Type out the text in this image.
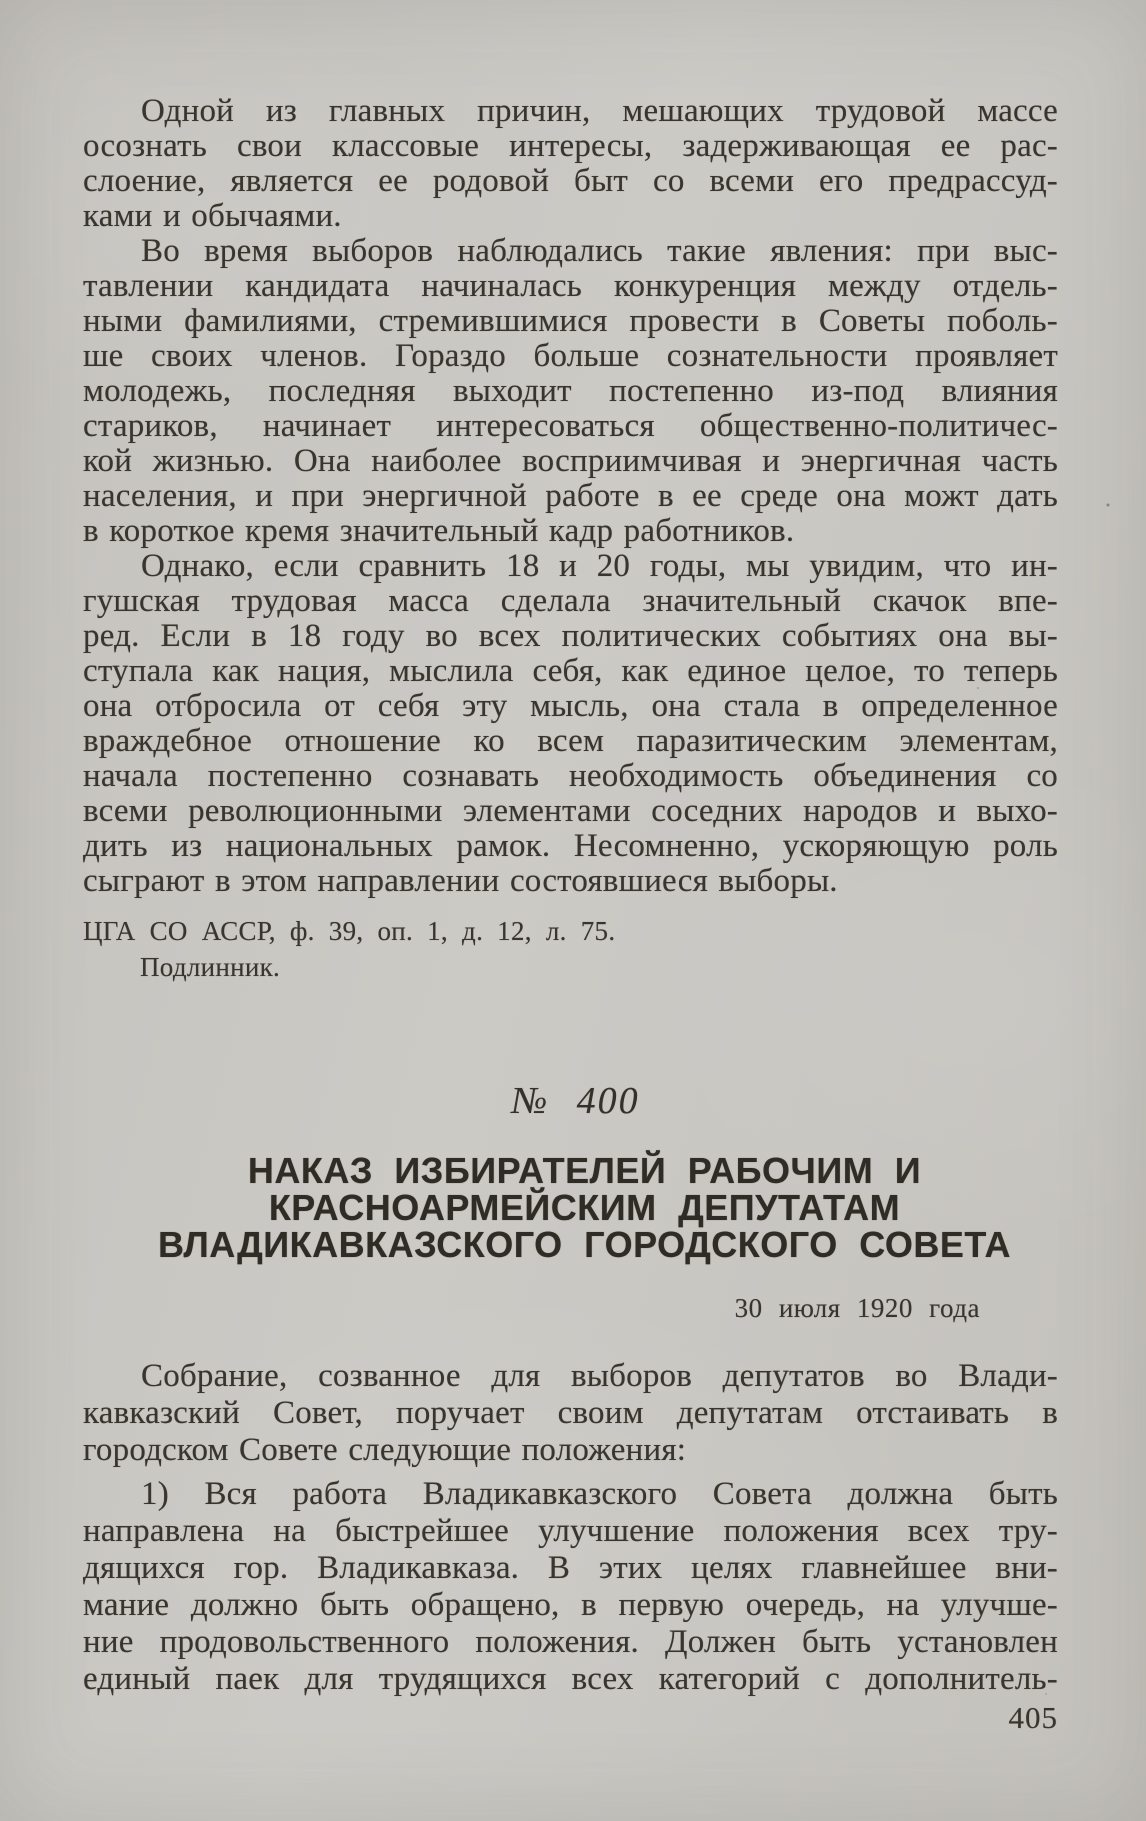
Одной из главных причин, мешающих трудовой массе
осознать свои классовые интересы, задерживающая ее рас-
слоение, является ее родовой быт со всеми его предрассуд-
ками и обычаями.
Во время выборов наблюдались такие явления: при выс-
тавлении кандидата начиналась конкуренция между отдель-
ными фамилиями, стремившимися провести в Советы поболь-
ше своих членов. Гораздо больше сознательности проявляет
молодежь, последняя выходит постепенно из-под влияния
стариков, начинает интересоваться общественно-политичес-
кой жизнью. Она наиболее восприимчивая и энергичная часть
населения, и при энергичной работе в ее среде она можт дать
в короткое кремя значительный кадр работников.
Однако, если сравнить 18 и 20 годы, мы увидим, что ин-
гушская трудовая масса сделала значительный скачок впе-
ред. Если в 18 году во всех политических событиях она вы-
ступала как нация, мыслила себя, как единое целое, то теперь
она отбросила от себя эту мысль, она стала в определенное
враждебное отношение ко всем паразитическим элементам,
начала постепенно сознавать необходимость объединения со
всеми революционными элементами соседних народов и выхо-
дить из национальных рамок. Несомненно, ускоряющую роль
сыграют в этом направлении состоявшиеся выборы.
ЦГА СО АССР, ф. 39, оп. 1, д. 12, л. 75.
Подлинник.
№ 400
НАКАЗ ИЗБИРАТЕЛЕЙ РАБОЧИМ И
КРАСНОАРМЕЙСКИМ ДЕПУТАТАМ
ВЛАДИКАВКАЗСКОГО ГОРОДСКОГО СОВЕТА
30 июля 1920 года
Собрание, созванное для выборов депутатов во Влади-
кавказский Совет, поручает своим депутатам отстаивать в
городском Совете следующие положения:
1) Вся работа Владикавказского Совета должна быть
направлена на быстрейшее улучшение положения всех тру-
дящихся гор. Владикавказа. В этих целях главнейшее вни-
мание должно быть обращено, в первую очередь, на улучше-
ние продовольственного положения. Должен быть установлен
единый паек для трудящихся всех категорий с дополнитель-
405
